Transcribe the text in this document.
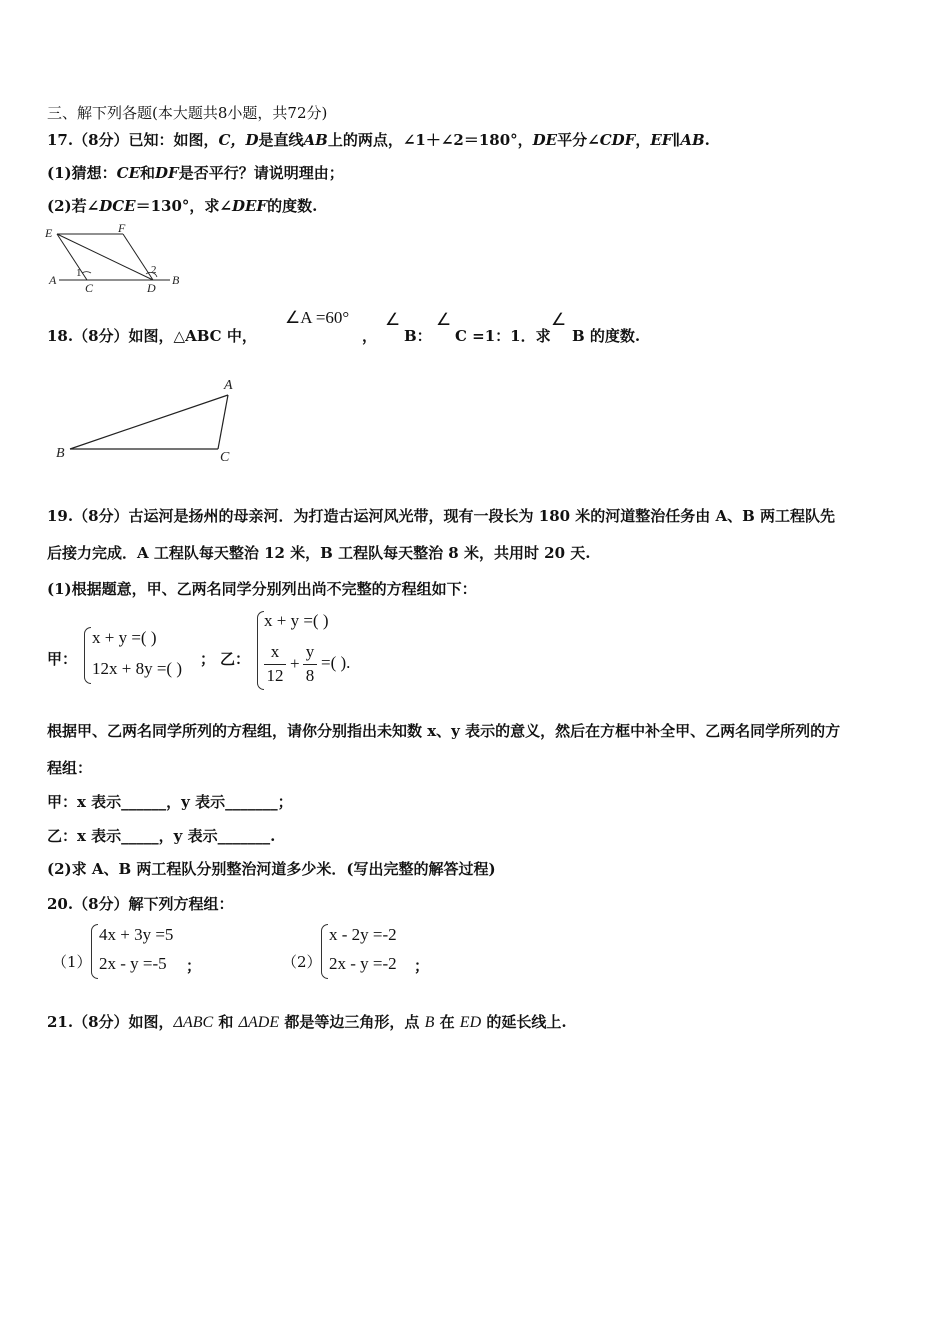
三、解下列各题(本大题共8小题，共72分)
17.（8分）已知：如图，C，D是直线AB上的两点，∠1＋∠2＝180°，DE平分∠CDF，EF∥AB.
(1)猜想：CE和DF是否平行？请说明理由；
(2)若∠DCE＝130°，求∠DEF的度数.
E	F
A
C	D
B
1	2
18.（8分）如图，△ABC 中，
∠A =60°
，
∠
B：
∠
C =1：1．求
∠
B 的度数.
A
B	C
19.（8分）古运河是扬州的母亲河．为打造古运河风光带，现有一段长为 180 米的河道整治任务由 A、B 两工程队先
后接力完成．A 工程队每天整治 12 米，B 工程队每天整治 8 米，共用时 20 天.
(1)根据题意，甲、乙两名同学分别列出尚不完整的方程组如下：
甲：
x + y =( )
12x + 8y =( ) ； 乙：
x + y =( )
x
12
+
y
8
=( ).
根据甲、乙两名同学所列的方程组，请你分别指出未知数 x、y 表示的意义，然后在方框中补全甲、乙两名同学所列的方
程组：
甲：x 表示______，y 表示_______；
乙：x 表示_____，y 表示_______.
(2)求 A、B 两工程队分别整治河道多少米．(写出完整的解答过程)
20.（8分）解下列方程组：
（1）
4x + 3y =5
2x - y =-5 ；	（2）
x - 2y =-2
2x - y =-2 ；
21.（8分）如图，ΔABC 和 ΔADE 都是等边三角形，点 B 在 ED 的延长线上.
